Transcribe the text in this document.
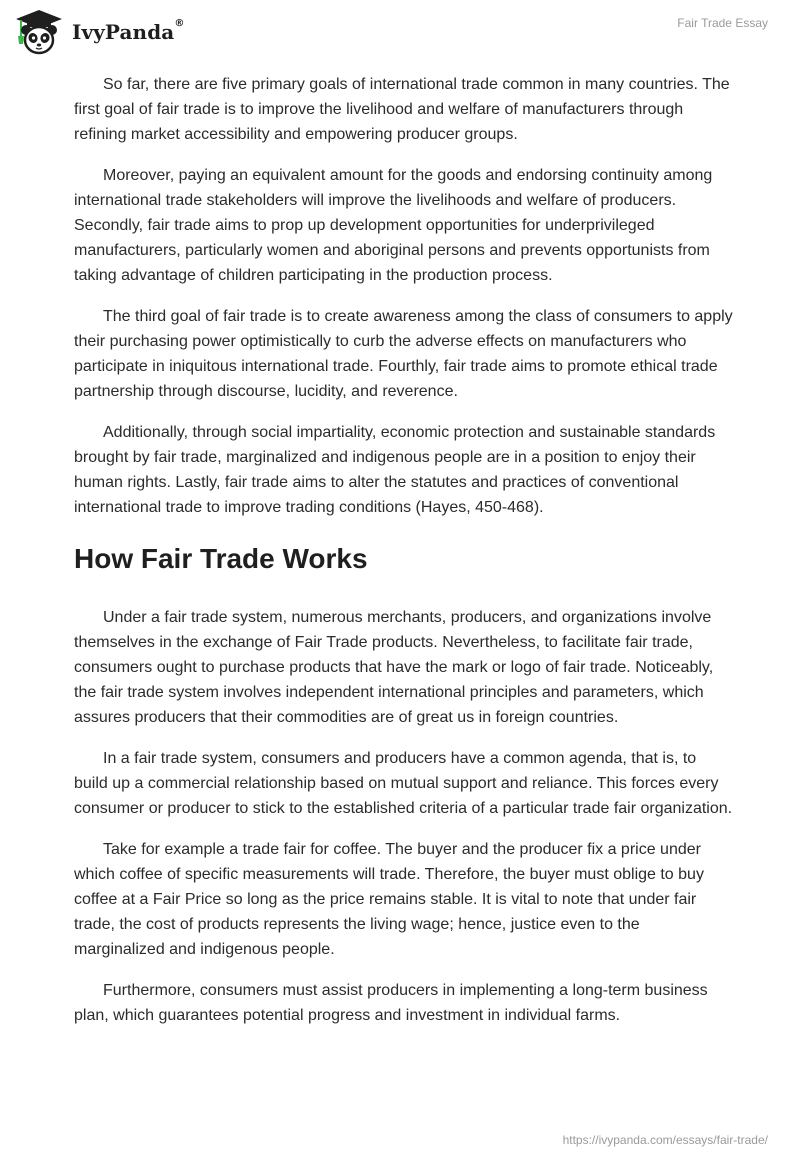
IvyPanda®	Fair Trade Essay

So far, there are five primary goals of international trade common in many countries. The first goal of fair trade is to improve the livelihood and welfare of manufacturers through refining market accessibility and empowering producer groups.

Moreover, paying an equivalent amount for the goods and endorsing continuity among international trade stakeholders will improve the livelihoods and welfare of producers. Secondly, fair trade aims to prop up development opportunities for underprivileged manufacturers, particularly women and aboriginal persons and prevents opportunists from taking advantage of children participating in the production process.

The third goal of fair trade is to create awareness among the class of consumers to apply their purchasing power optimistically to curb the adverse effects on manufacturers who participate in iniquitous international trade. Fourthly, fair trade aims to promote ethical trade partnership through discourse, lucidity, and reverence.

Additionally, through social impartiality, economic protection and sustainable standards brought by fair trade, marginalized and indigenous people are in a position to enjoy their human rights. Lastly, fair trade aims to alter the statutes and practices of conventional international trade to improve trading conditions (Hayes, 450-468).

How Fair Trade Works

Under a fair trade system, numerous merchants, producers, and organizations involve themselves in the exchange of Fair Trade products. Nevertheless, to facilitate fair trade, consumers ought to purchase products that have the mark or logo of fair trade. Noticeably, the fair trade system involves independent international principles and parameters, which assures producers that their commodities are of great us in foreign countries.

In a fair trade system, consumers and producers have a common agenda, that is, to build up a commercial relationship based on mutual support and reliance. This forces every consumer or producer to stick to the established criteria of a particular trade fair organization.

Take for example a trade fair for coffee. The buyer and the producer fix a price under which coffee of specific measurements will trade. Therefore, the buyer must oblige to buy coffee at a Fair Price so long as the price remains stable. It is vital to note that under fair trade, the cost of products represents the living wage; hence, justice even to the marginalized and indigenous people.

Furthermore, consumers must assist producers in implementing a long-term business plan, which guarantees potential progress and investment in individual farms.

https://ivypanda.com/essays/fair-trade/
